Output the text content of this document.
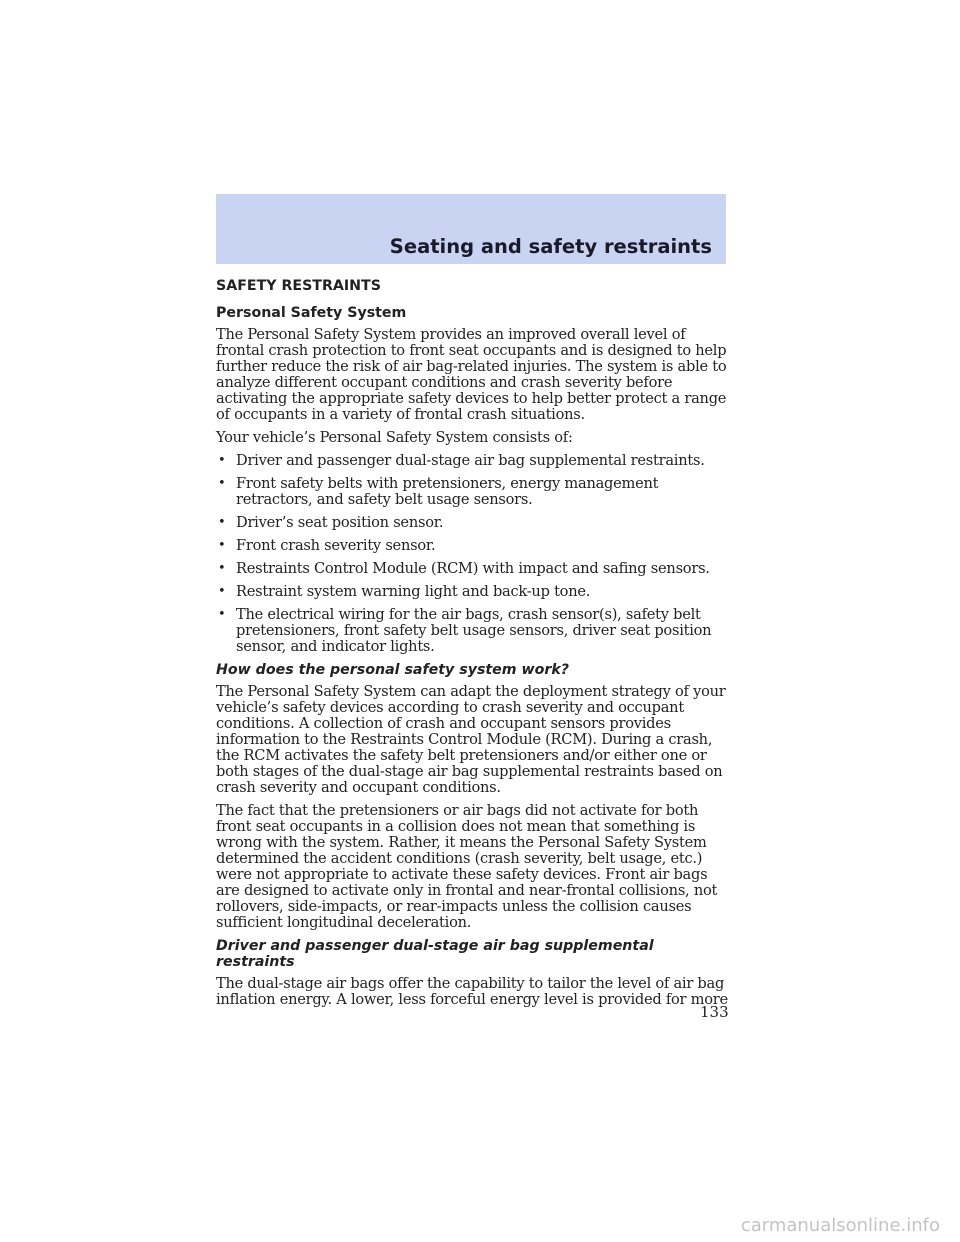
Seating and safety restraints
SAFETY RESTRAINTS
Personal Safety System

The Personal Safety System provides an improved overall level of frontal crash protection to front seat occupants and is designed to help further reduce the risk of air bag-related injuries. The system is able to analyze different occupant conditions and crash severity before activating the appropriate safety devices to help better protect a range of occupants in a variety of frontal crash situations.

Your vehicle’s Personal Safety System consists of:

• Driver and passenger dual-stage air bag supplemental restraints.
• Front safety belts with pretensioners, energy management retractors, and safety belt usage sensors.
• Driver’s seat position sensor.
• Front crash severity sensor.
• Restraints Control Module (RCM) with impact and safing sensors.
• Restraint system warning light and back-up tone.
• The electrical wiring for the air bags, crash sensor(s), safety belt pretensioners, front safety belt usage sensors, driver seat position sensor, and indicator lights.
How does the personal safety system work?

The Personal Safety System can adapt the deployment strategy of your vehicle’s safety devices according to crash severity and occupant conditions. A collection of crash and occupant sensors provides information to the Restraints Control Module (RCM). During a crash, the RCM activates the safety belt pretensioners and/or either one or both stages of the dual-stage air bag supplemental restraints based on crash severity and occupant conditions.

The fact that the pretensioners or air bags did not activate for both front seat occupants in a collision does not mean that something is wrong with the system. Rather, it means the Personal Safety System determined the accident conditions (crash severity, belt usage, etc.) were not appropriate to activate these safety devices. Front air bags are designed to activate only in frontal and near-frontal collisions, not rollovers, side-impacts, or rear-impacts unless the collision causes sufficient longitudinal deceleration.

Driver and passenger dual-stage air bag supplemental restraints

The dual-stage air bags offer the capability to tailor the level of air bag inflation energy. A lower, less forceful energy level is provided for more

133
carmanualsonline.info
